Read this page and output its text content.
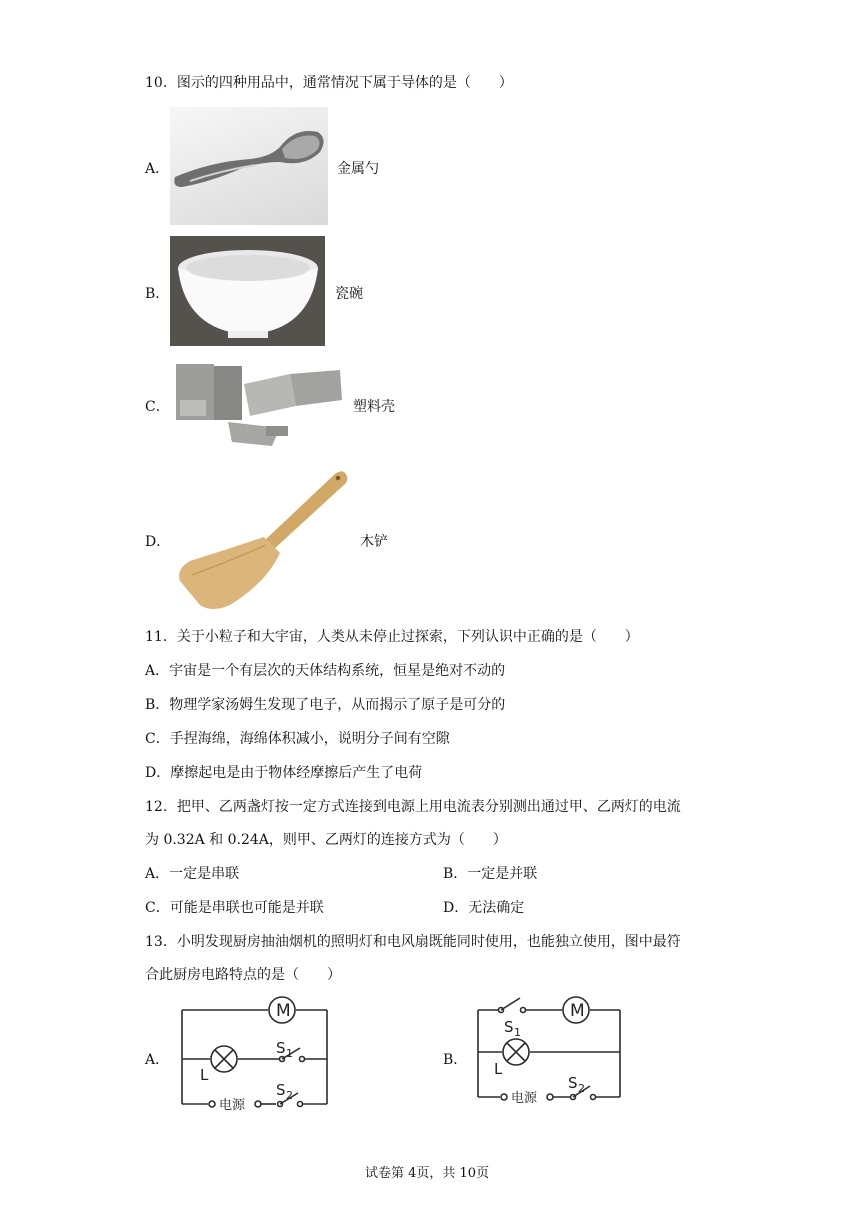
10．图示的四种用品中，通常情况下属于导体的是（　　）
A．	金属勺
B．	瓷碗
C．	塑料壳
D．	木铲
11．关于小粒子和大宇宙，人类从未停止过探索，下列认识中正确的是（　　）
A．宇宙是一个有层次的天体结构系统，恒星是绝对不动的
B．物理学家汤姆生发现了电子，从而揭示了原子是可分的
C．手捏海绵，海绵体积减小，说明分子间有空隙
D．摩擦起电是由于物体经摩擦后产生了电荷
12．把甲、乙两盏灯按一定方式连接到电源上用电流表分别测出通过甲、乙两灯的电流
为 0.32A 和 0.24A，则甲、乙两灯的连接方式为（　　）
A．一定是串联	B．一定是并联
C．可能是串联也可能是并联	D．无法确定
13．小明发现厨房抽油烟机的照明灯和电风扇既能同时使用，也能独立使用，图中最符
合此厨房电路特点的是（　　）
A．
M
L
S 1
S 2
电源
B．
M
L
S 1
S 2
电源
试卷第 4页，共 10页
